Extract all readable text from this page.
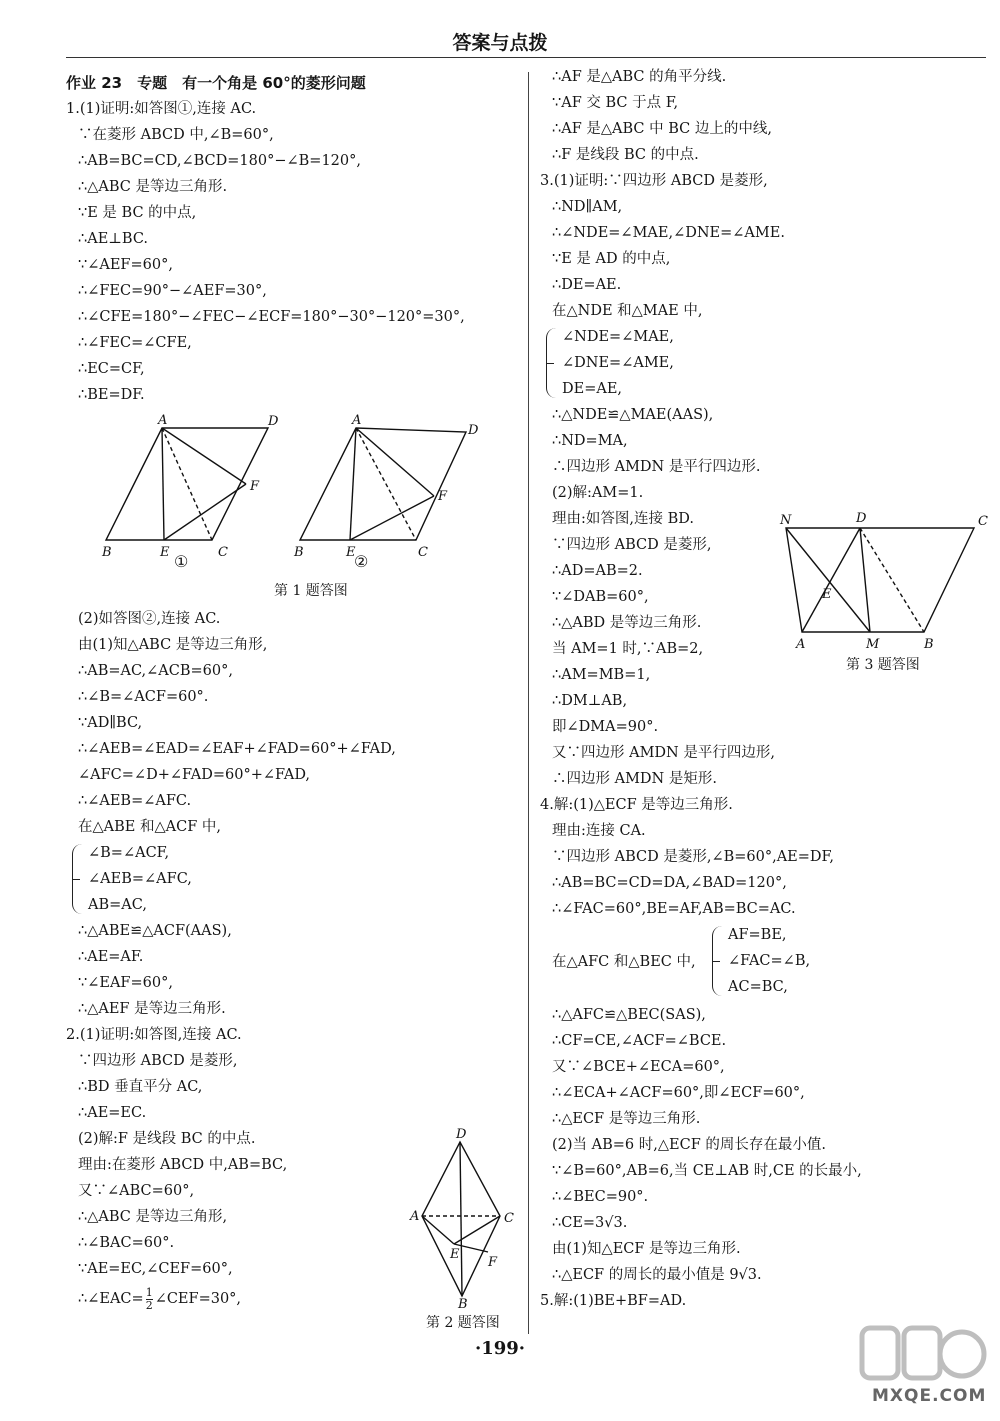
答案与点拨
作业 23　专题　有一个角是 60°的菱形问题
1.(1)证明:如答图①,连接 AC.
∵在菱形 ABCD 中,∠B=60°,
∴AB=BC=CD,∠BCD=180°−∠B=120°,
∴△ABC 是等边三角形.
∵E 是 BC 的中点,
∴AE⊥BC.
∵∠AEF=60°,
∴∠FEC=90°−∠AEF=30°,
∴∠CFE=180°−∠FEC−∠ECF=180°−30°−120°=30°,
∴∠FEC=∠CFE,
∴EC=CF,
∴BE=DF.
A	D
F
B	E	C
A
D
F
B	E	C
①	②
第 1 题答图
(2)如答图②,连接 AC.
由(1)知△ABC 是等边三角形,
∴AB=AC,∠ACB=60°,
∴∠B=∠ACF=60°.
∵AD∥BC,
∴∠AEB=∠EAD=∠EAF+∠FAD=60°+∠FAD,
∠AFC=∠D+∠FAD=60°+∠FAD,
∴∠AEB=∠AFC.
在△ABE 和△ACF 中,
∠B=∠ACF,
∠AEB=∠AFC,
AB=AC,
∴△ABE≌△ACF(AAS),
∴AE=AF.
∵∠EAF=60°,
∴△AEF 是等边三角形.
2.(1)证明:如答图,连接 AC.
∵四边形 ABCD 是菱形,
∴BD 垂直平分 AC,
∴AE=EC.
(2)解:F 是线段 BC 的中点.
理由:在菱形 ABCD 中,AB=BC,
又∵∠ABC=60°,
∴△ABC 是等边三角形,
∴∠BAC=60°.
∵AE=EC,∠CEF=60°,
∴∠EAC= $\frac{1}{2}$ ∠CEF=30°,
D
A	C
E
F
B
第 2 题答图
∴AF 是△ABC 的角平分线.
∵AF 交 BC 于点 F,
∴AF 是△ABC 中 BC 边上的中线,
∴F 是线段 BC 的中点.
3.(1)证明:∵四边形 ABCD 是菱形,
∴ND∥AM,
∴∠NDE=∠MAE,∠DNE=∠AME.
∵E 是 AD 的中点,
∴DE=AE.
在△NDE 和△MAE 中,
∠NDE=∠MAE,
∠DNE=∠AME,
DE=AE,
∴△NDE≌△MAE(AAS),
∴ND=MA,
∴四边形 AMDN 是平行四边形.
(2)解:AM=1.
理由:如答图,连接 BD.
∵四边形 ABCD 是菱形,
∴AD=AB=2.
∵∠DAB=60°,
∴△ABD 是等边三角形.
当 AM=1 时,∵AB=2,
∴AM=MB=1,
∴DM⊥AB,
即∠DMA=90°.
又∵四边形 AMDN 是平行四边形,
∴四边形 AMDN 是矩形.
4.解:(1)△ECF 是等边三角形.
理由:连接 CA.
∵四边形 ABCD 是菱形,∠B=60°,AE=DF,
∴AB=BC=CD=DA,∠BAD=120°,
∴∠FAC=60°,BE=AF,AB=BC=AC.
在△AFC 和△BEC 中,
AF=BE,
∠FAC=∠B,
AC=BC,
∴△AFC≌△BEC(SAS),
∴CF=CE,∠ACF=∠BCE.
又∵∠BCE+∠ECA=60°,
∴∠ECA+∠ACF=60°,即∠ECF=60°,
∴△ECF 是等边三角形.
(2)当 AB=6 时,△ECF 的周长存在最小值.
∵∠B=60°,AB=6,当 CE⊥AB 时,CE 的长最小,
∴∠BEC=90°.
∴CE=3√3.
由(1)知△ECF 是等边三角形.
∴△ECF 的周长的最小值是 9√3.
5.解:(1)BE+BF=AD.
N	D	C
E
A	M	B
第 3 题答图
·199·
MXQE.COM
